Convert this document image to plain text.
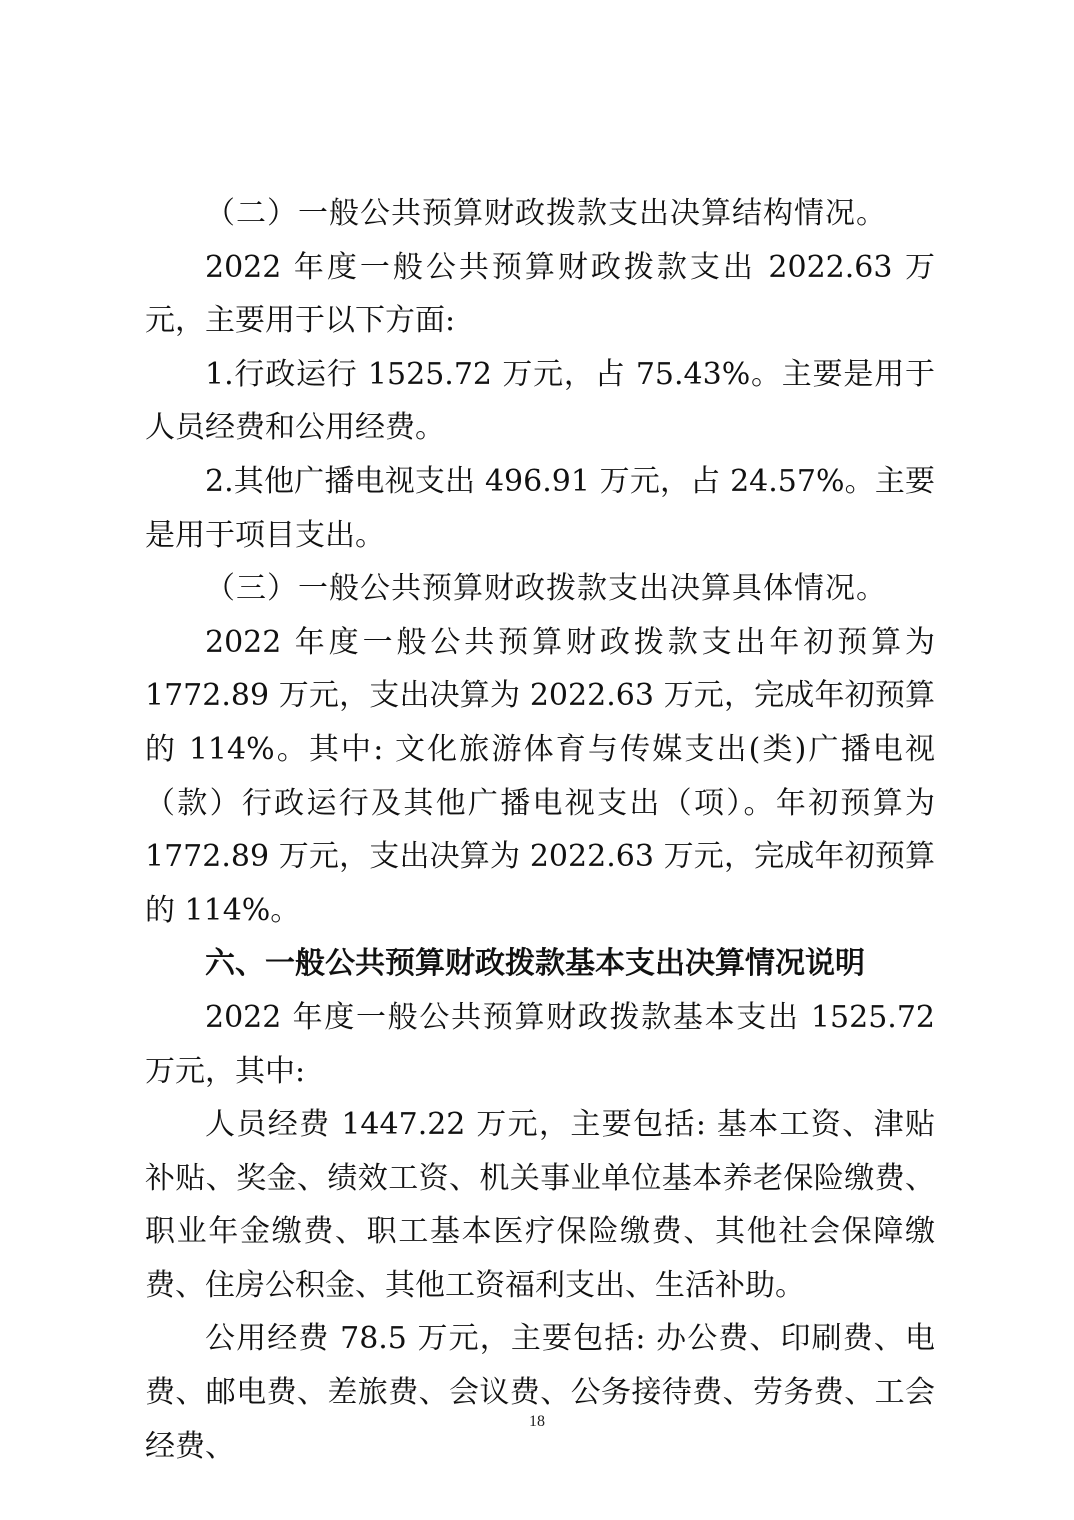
（二）一般公共预算财政拨款支出决算结构情况。

2022 年度一般公共预算财政拨款支出 2022.63 万元，主要用于以下方面:

1.行政运行 1525.72 万元，占 75.43%。主要是用于人员经费和公用经费。

2.其他广播电视支出 496.91 万元，占 24.57%。主要是用于项目支出。

（三）一般公共预算财政拨款支出决算具体情况。

2022 年度一般公共预算财政拨款支出年初预算为 1772.89 万元，支出决算为 2022.63 万元，完成年初预算的 114%。其中: 文化旅游体育与传媒支出(类)广播电视（款）行政运行及其他广播电视支出（项）。年初预算为 1772.89 万元，支出决算为 2022.63 万元，完成年初预算的 114%。

六、一般公共预算财政拨款基本支出决算情况说明

2022 年度一般公共预算财政拨款基本支出 1525.72 万元，其中:

人员经费 1447.22 万元，主要包括: 基本工资、津贴补贴、奖金、绩效工资、机关事业单位基本养老保险缴费、职业年金缴费、职工基本医疗保险缴费、其他社会保障缴费、住房公积金、其他工资福利支出、生活补助。

公用经费 78.5 万元，主要包括: 办公费、印刷费、电费、邮电费、差旅费、会议费、公务接待费、劳务费、工会经费、

18
